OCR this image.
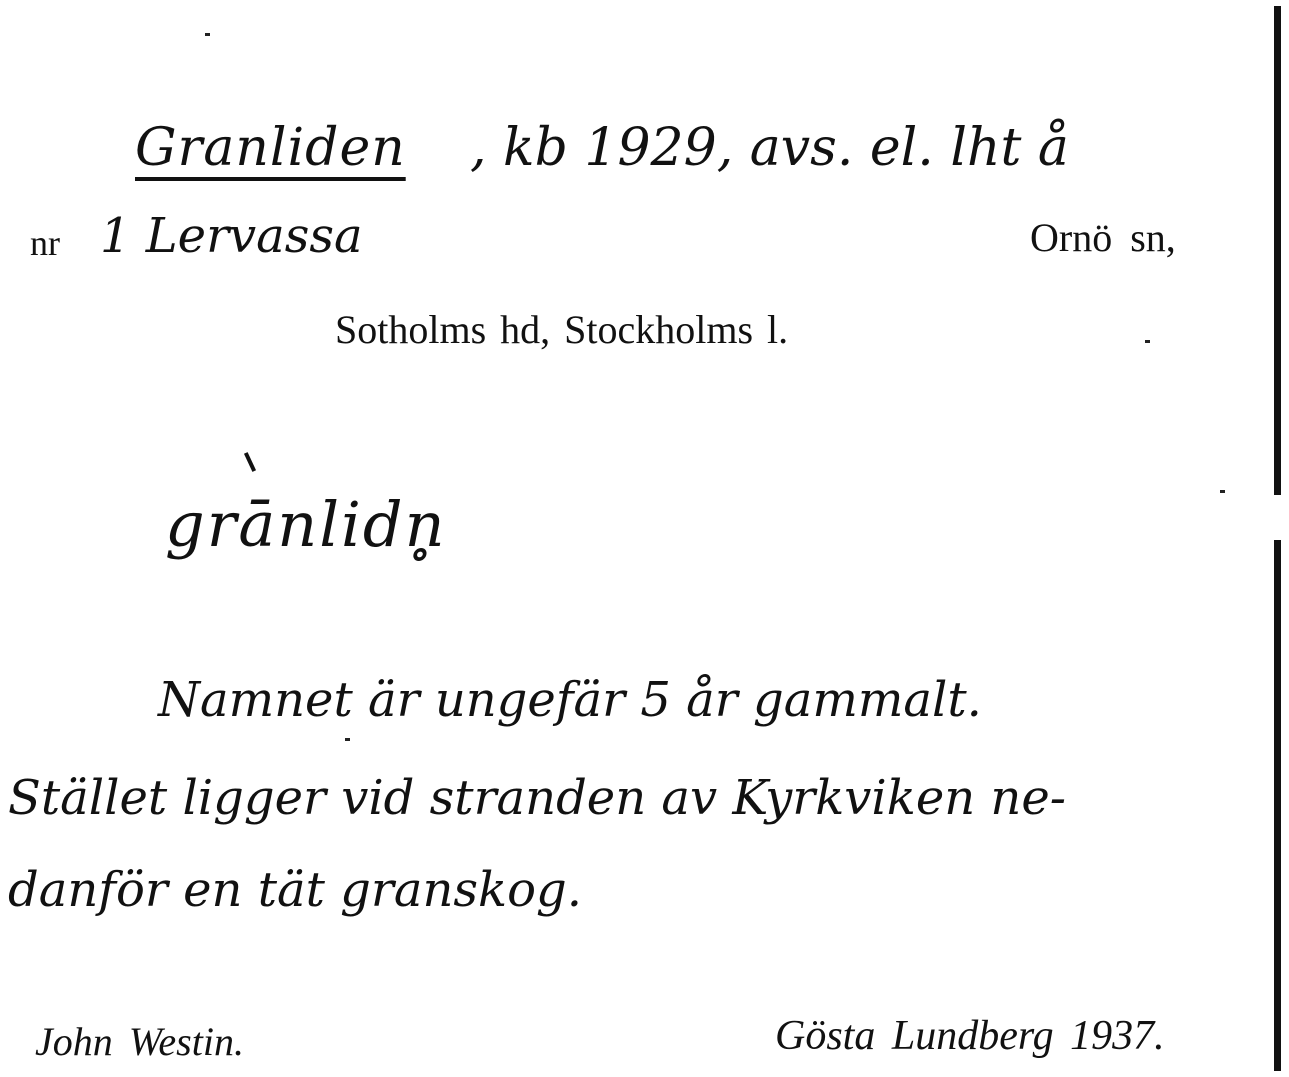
Granliden , kb 1929, avs. el. lht å
nr 1 Lervassa	Ornö sn,
Sotholms hd, Stockholms l.
grānlidn̥
Namnet är ungefär 5 år gammalt.
Stället ligger vid stranden av Kyrkviken ne-
danför en tät granskog.
John Westin.	Gösta Lundberg 1937.
